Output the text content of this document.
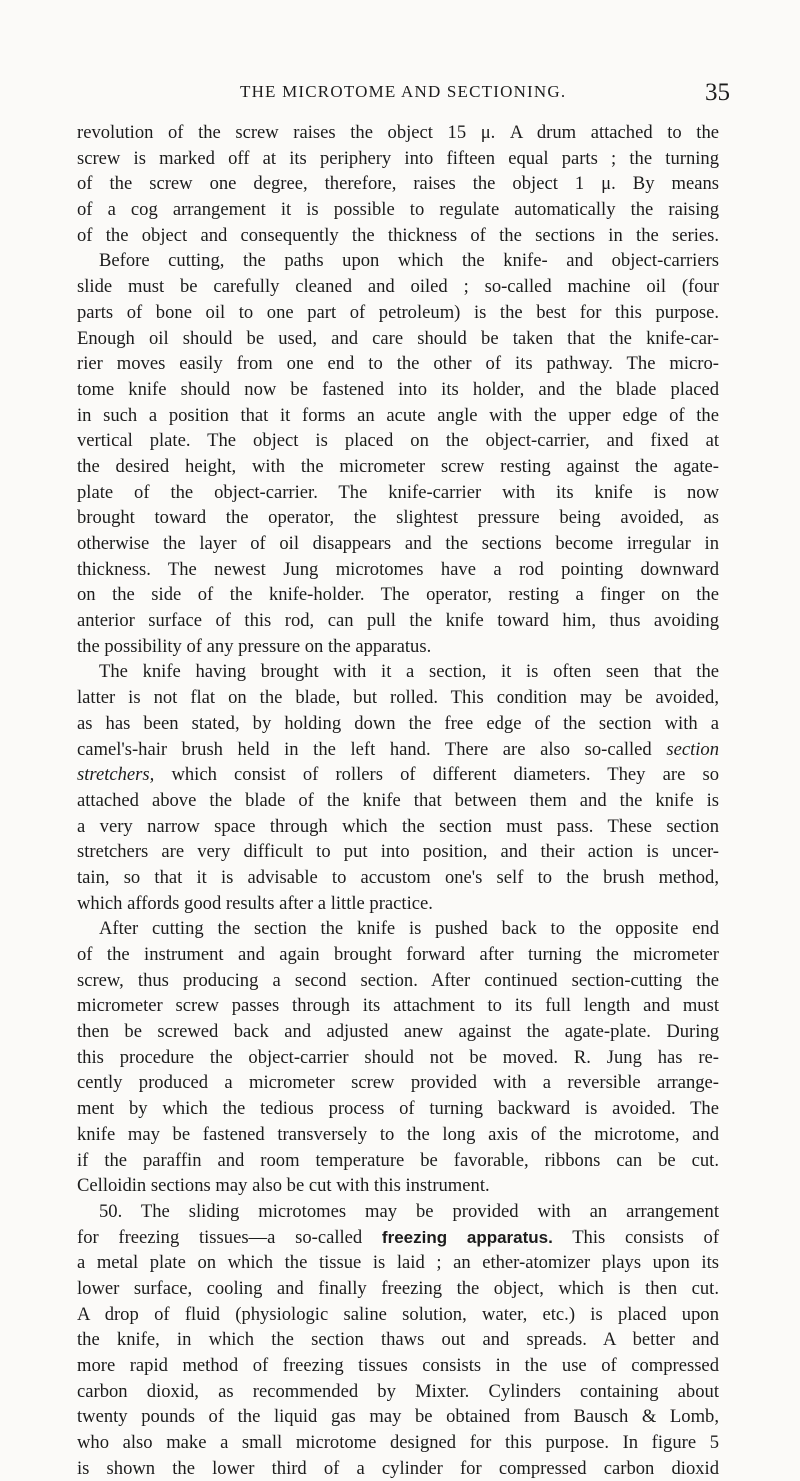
THE MICROTOME AND SECTIONING.	35
revolution of the screw raises the object 15 μ. A drum attached to the
screw is marked off at its periphery into fifteen equal parts ; the turning
of the screw one degree, therefore, raises the object 1 μ. By means
of a cog arrangement it is possible to regulate automatically the raising
of the object and consequently the thickness of the sections in the series.
Before cutting, the paths upon which the knife- and object-carriers
slide must be carefully cleaned and oiled ; so-called machine oil (four
parts of bone oil to one part of petroleum) is the best for this purpose.
Enough oil should be used, and care should be taken that the knife-car-
rier moves easily from one end to the other of its pathway. The micro-
tome knife should now be fastened into its holder, and the blade placed
in such a position that it forms an acute angle with the upper edge of the
vertical plate. The object is placed on the object-carrier, and fixed at
the desired height, with the micrometer screw resting against the agate-
plate of the object-carrier. The knife-carrier with its knife is now
brought toward the operator, the slightest pressure being avoided, as
otherwise the layer of oil disappears and the sections become irregular in
thickness. The newest Jung microtomes have a rod pointing downward
on the side of the knife-holder. The operator, resting a finger on the
anterior surface of this rod, can pull the knife toward him, thus avoiding
the possibility of any pressure on the apparatus.
The knife having brought with it a section, it is often seen that the
latter is not flat on the blade, but rolled. This condition may be avoided,
as has been stated, by holding down the free edge of the section with a
camel's-hair brush held in the left hand. There are also so-called section
stretchers, which consist of rollers of different diameters. They are so
attached above the blade of the knife that between them and the knife is
a very narrow space through which the section must pass. These section
stretchers are very difficult to put into position, and their action is uncer-
tain, so that it is advisable to accustom one's self to the brush method,
which affords good results after a little practice.
After cutting the section the knife is pushed back to the opposite end
of the instrument and again brought forward after turning the micrometer
screw, thus producing a second section. After continued section-cutting the
micrometer screw passes through its attachment to its full length and must
then be screwed back and adjusted anew against the agate-plate. During
this procedure the object-carrier should not be moved. R. Jung has re-
cently produced a micrometer screw provided with a reversible arrange-
ment by which the tedious process of turning backward is avoided. The
knife may be fastened transversely to the long axis of the microtome, and
if the paraffin and room temperature be favorable, ribbons can be cut.
Celloidin sections may also be cut with this instrument.
50. The sliding microtomes may be provided with an arrangement
for freezing tissues—a so-called freezing apparatus. This consists of
a metal plate on which the tissue is laid ; an ether-atomizer plays upon its
lower surface, cooling and finally freezing the object, which is then cut.
A drop of fluid (physiologic saline solution, water, etc.) is placed upon
the knife, in which the section thaws out and spreads. A better and
more rapid method of freezing tissues consists in the use of compressed
carbon dioxid, as recommended by Mixter. Cylinders containing about
twenty pounds of the liquid gas may be obtained from Bausch & Lomb,
who also make a small microtome designed for this purpose. In figure 5
is shown the lower third of a cylinder for compressed carbon dioxid
